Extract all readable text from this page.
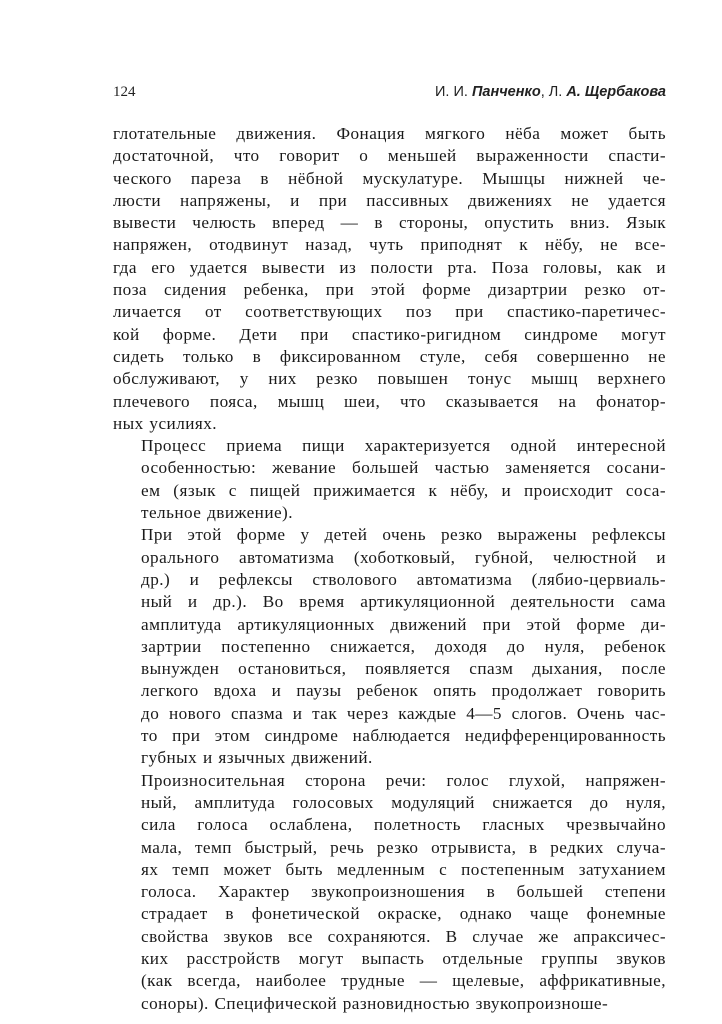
124	И. И. Панченко, Л. А. Щербакова

глотательные движения. Фонация мягкого нёба может быть
достаточной, что говорит о меньшей выраженности спасти-
ческого пареза в нёбной мускулатуре. Мышцы нижней че-
люсти напряжены, и при пассивных движениях не удается
вывести челюсть вперед — в стороны, опустить вниз. Язык
напряжен, отодвинут назад, чуть приподнят к нёбу, не все-
гда его удается вывести из полости рта. Поза головы, как и
поза сидения ребенка, при этой форме дизартрии резко от-
личается от соответствующих поз при спастико-паретичес-
кой форме. Дети при спастико-ригидном синдроме могут
сидеть только в фиксированном стуле, себя совершенно не
обслуживают, у них резко повышен тонус мышц верхнего
плечевого пояса, мышц шеи, что сказывается на фонатор-
ных усилиях.

Процесс приема пищи характеризуется одной интересной
особенностью: жевание большей частью заменяется сосани-
ем (язык с пищей прижимается к нёбу, и происходит соса-
тельное движение).

При этой форме у детей очень резко выражены рефлексы
орального автоматизма (хоботковый, губной, челюстной и
др.) и рефлексы стволового автоматизма (лябио-цервиаль-
ный и др.). Во время артикуляционной деятельности сама
амплитуда артикуляционных движений при этой форме ди-
зартрии постепенно снижается, доходя до нуля, ребенок
вынужден остановиться, появляется спазм дыхания, после
легкого вдоха и паузы ребенок опять продолжает говорить
до нового спазма и так через каждые 4—5 слогов. Очень час-
то при этом синдроме наблюдается недифференцированность
губных и язычных движений.

Произносительная сторона речи: голос глухой, напряжен-
ный, амплитуда голосовых модуляций снижается до нуля,
сила голоса ослаблена, полетность гласных чрезвычайно
мала, темп быстрый, речь резко отрывиста, в редких случа-
ях темп может быть медленным с постепенным затуханием
голоса. Характер звукопроизношения в большей степени
страдает в фонетической окраске, однако чаще фонемные
свойства звуков все сохраняются. В случае же апраксичес-
ких расстройств могут выпасть отдельные группы звуков
(как всегда, наиболее трудные — щелевые, аффрикативные,
соноры). Специфической разновидностью звукопроизноше-
